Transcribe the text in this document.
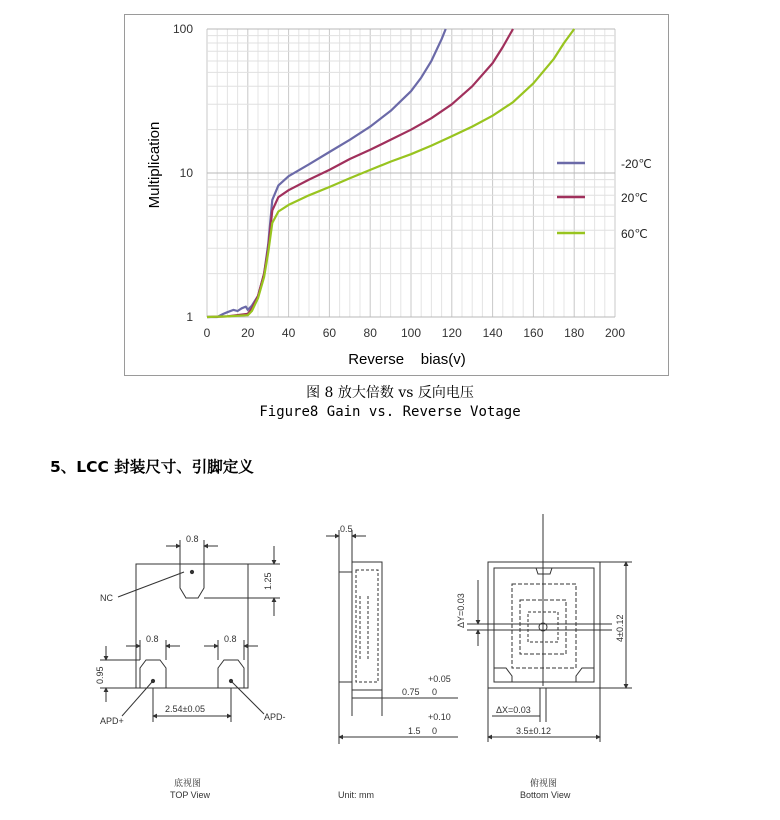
0	20 40 60 80 100 120 140 160 180 200
1
10
100
-20℃
20℃
60℃
Reverse    bias(v)
Multiplication
图 8 放大倍数 vs 反向电压
Figure8 Gain vs. Reverse Votage
5、LCC 封装尺寸、引脚定义
0.8
1.25
NC
0.8	0.8
0.95
2.54±0.05
APD+	APD-
底视图
TOP View
0.5
+0.05
0.75 0
+0.10
1.5 0
Unit: mm
ΔY=0.03
4±0.12
ΔX=0.03
3.5±0.12
俯视图
Bottom View
